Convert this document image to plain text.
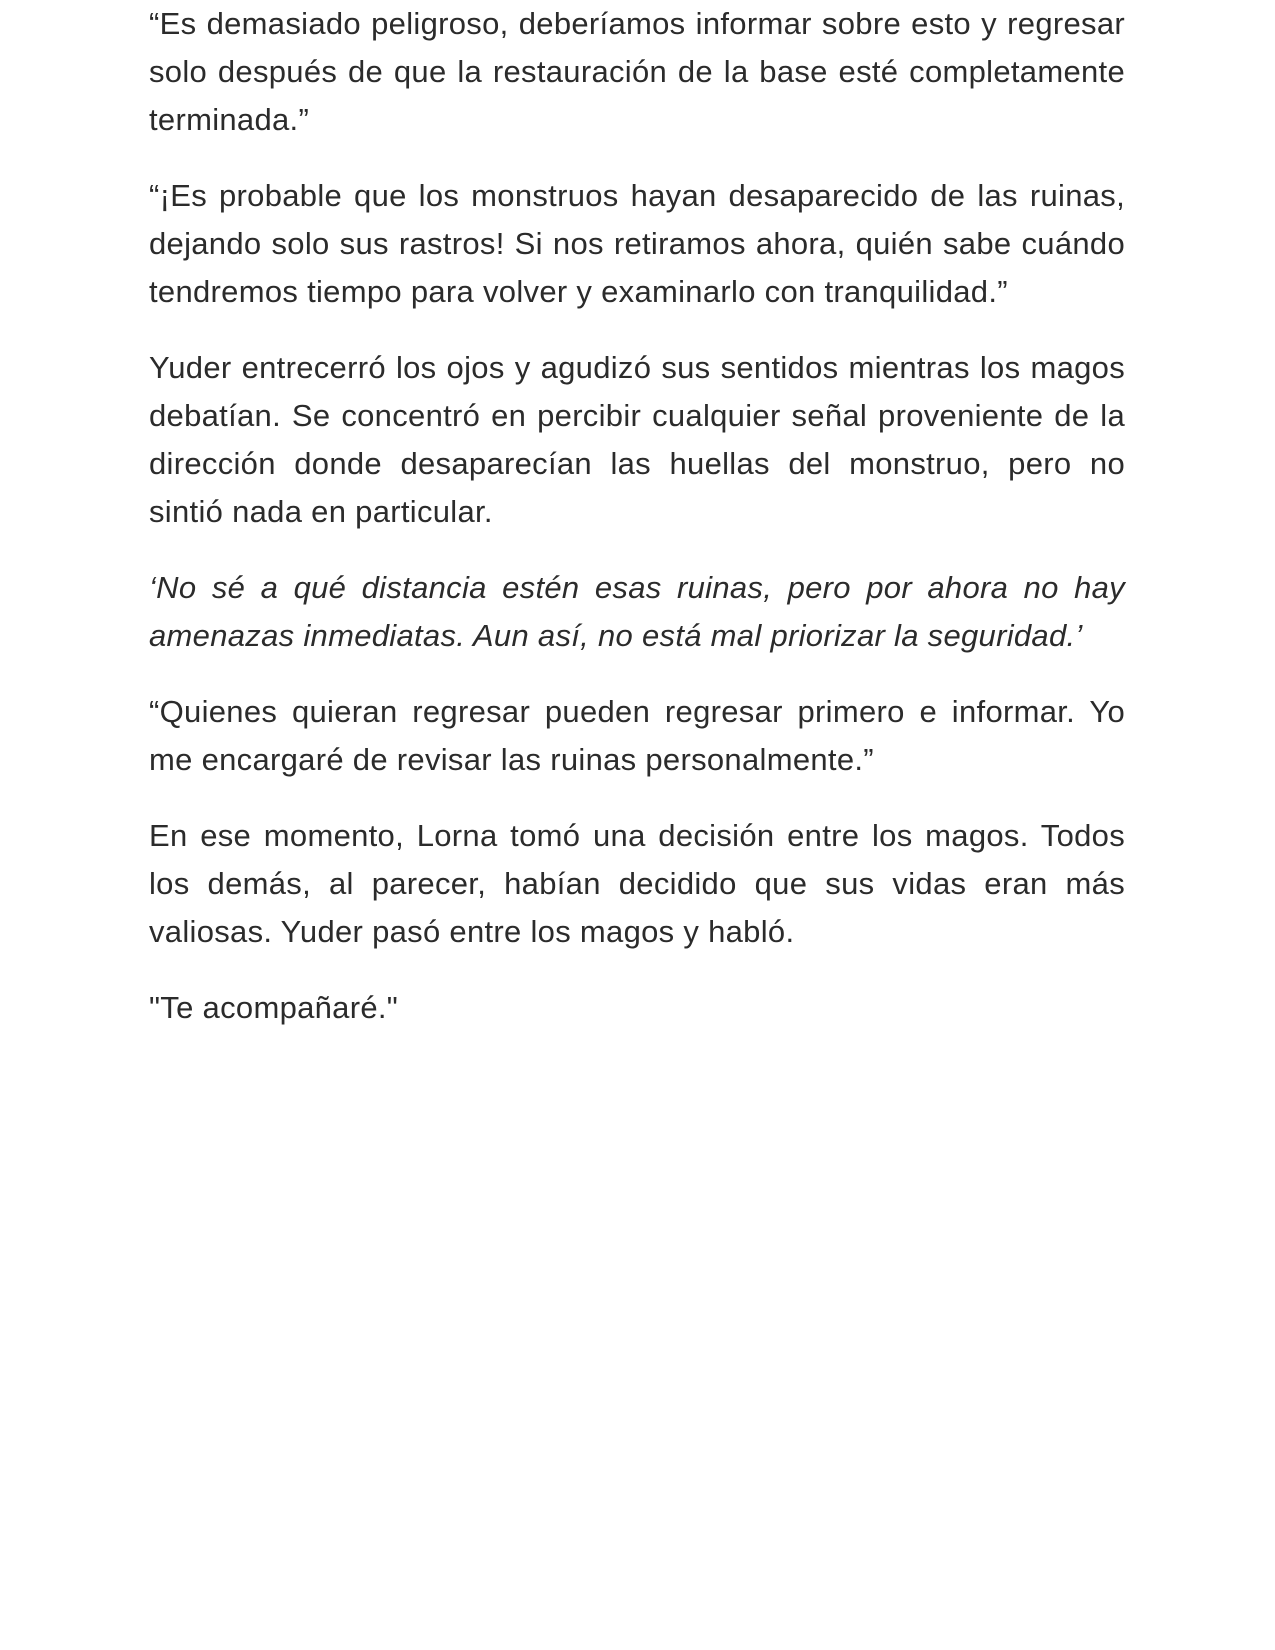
“Es demasiado peligroso, deberíamos informar sobre esto y regresar solo después de que la restauración de la base esté completamente terminada.”

“¡Es probable que los monstruos hayan desaparecido de las ruinas, dejando solo sus rastros! Si nos retiramos ahora, quién sabe cuándo tendremos tiempo para volver y examinarlo con tranquilidad.”

Yuder entrecerró los ojos y agudizó sus sentidos mientras los magos debatían. Se concentró en percibir cualquier señal proveniente de la dirección donde desaparecían las huellas del monstruo, pero no sintió nada en particular.

‘No sé a qué distancia estén esas ruinas, pero por ahora no hay amenazas inmediatas. Aun así, no está mal priorizar la seguridad.’

“Quienes quieran regresar pueden regresar primero e informar. Yo me encargaré de revisar las ruinas personalmente.”

En ese momento, Lorna tomó una decisión entre los magos. Todos los demás, al parecer, habían decidido que sus vidas eran más valiosas. Yuder pasó entre los magos y habló.

"Te acompañaré."
